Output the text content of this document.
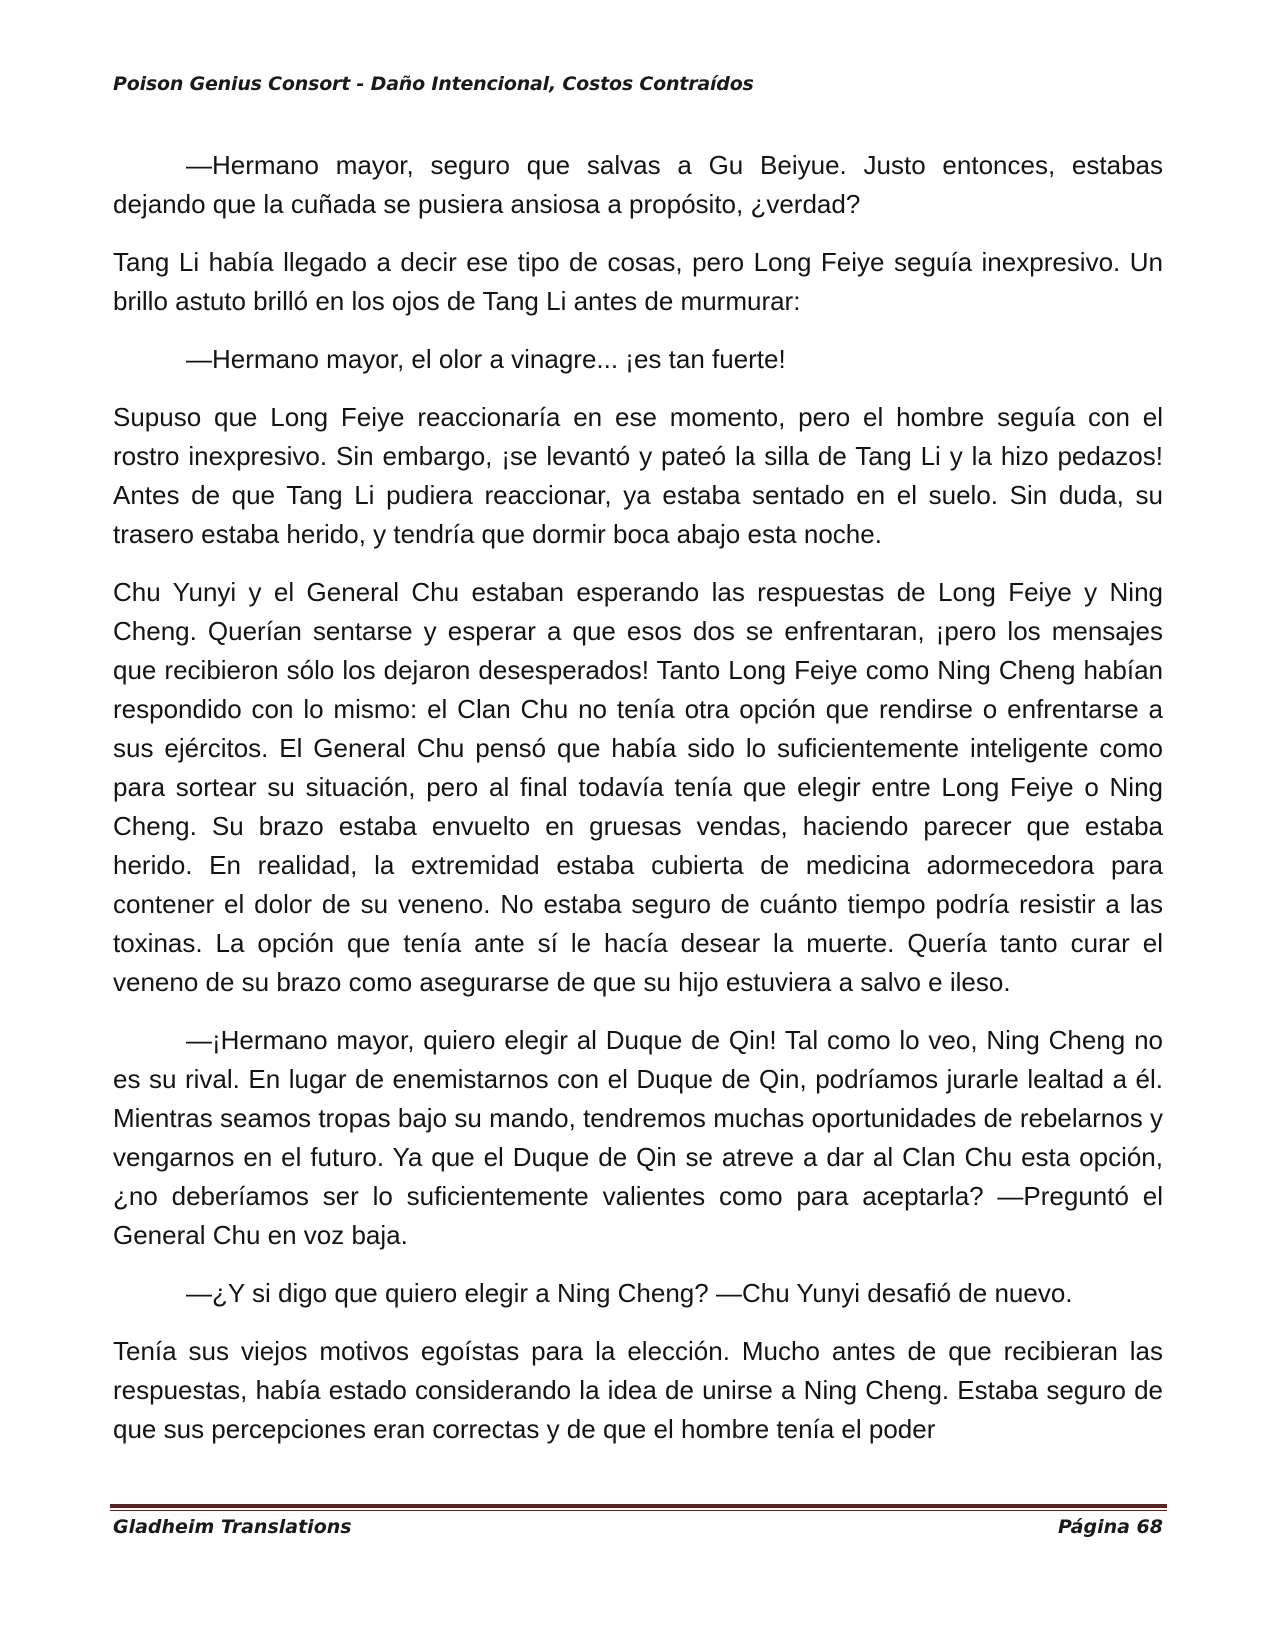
Poison Genius Consort - Daño Intencional, Costos Contraídos

—Hermano mayor, seguro que salvas a Gu Beiyue. Justo entonces, estabas dejando que la cuñada se pusiera ansiosa a propósito, ¿verdad?

Tang Li había llegado a decir ese tipo de cosas, pero Long Feiye seguía inexpresivo. Un brillo astuto brilló en los ojos de Tang Li antes de murmurar:

—Hermano mayor, el olor a vinagre... ¡es tan fuerte!

Supuso que Long Feiye reaccionaría en ese momento, pero el hombre seguía con el rostro inexpresivo. Sin embargo, ¡se levantó y pateó la silla de Tang Li y la hizo pedazos! Antes de que Tang Li pudiera reaccionar, ya estaba sentado en el suelo. Sin duda, su trasero estaba herido, y tendría que dormir boca abajo esta noche.

Chu Yunyi y el General Chu estaban esperando las respuestas de Long Feiye y Ning Cheng. Querían sentarse y esperar a que esos dos se enfrentaran, ¡pero los mensajes que recibieron sólo los dejaron desesperados! Tanto Long Feiye como Ning Cheng habían respondido con lo mismo: el Clan Chu no tenía otra opción que rendirse o enfrentarse a sus ejércitos. El General Chu pensó que había sido lo suficientemente inteligente como para sortear su situación, pero al final todavía tenía que elegir entre Long Feiye o Ning Cheng. Su brazo estaba envuelto en gruesas vendas, haciendo parecer que estaba herido. En realidad, la extremidad estaba cubierta de medicina adormecedora para contener el dolor de su veneno. No estaba seguro de cuánto tiempo podría resistir a las toxinas. La opción que tenía ante sí le hacía desear la muerte. Quería tanto curar el veneno de su brazo como asegurarse de que su hijo estuviera a salvo e ileso.

—¡Hermano mayor, quiero elegir al Duque de Qin! Tal como lo veo, Ning Cheng no es su rival. En lugar de enemistarnos con el Duque de Qin, podríamos jurarle lealtad a él. Mientras seamos tropas bajo su mando, tendremos muchas oportunidades de rebelarnos y vengarnos en el futuro. Ya que el Duque de Qin se atreve a dar al Clan Chu esta opción, ¿no deberíamos ser lo suficientemente valientes como para aceptarla? —Preguntó el General Chu en voz baja.

—¿Y si digo que quiero elegir a Ning Cheng? —Chu Yunyi desafió de nuevo.

Tenía sus viejos motivos egoístas para la elección. Mucho antes de que recibieran las respuestas, había estado considerando la idea de unirse a Ning Cheng. Estaba seguro de que sus percepciones eran correctas y de que el hombre tenía el poder

Gladheim Translations	Página 68
